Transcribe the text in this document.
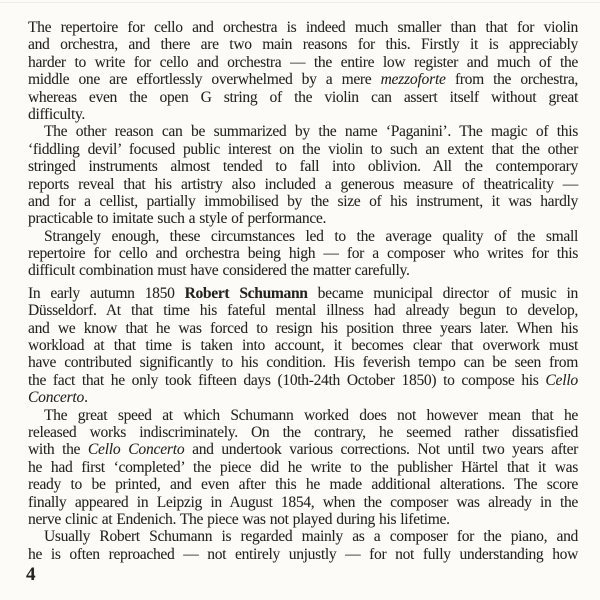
The repertoire for cello and orchestra is indeed much smaller than that for violin
and orchestra, and there are two main reasons for this. Firstly it is appreciably
harder to write for cello and orchestra — the entire low register and much of the
middle one are effortlessly overwhelmed by a mere mezzoforte from the orchestra,
whereas even the open G string of the violin can assert itself without great
difficulty.
The other reason can be summarized by the name ‘Paganini’. The magic of this
‘fiddling devil’ focused public interest on the violin to such an extent that the other
stringed instruments almost tended to fall into oblivion. All the contemporary
reports reveal that his artistry also included a generous measure of theatricality —
and for a cellist, partially immobilised by the size of his instrument, it was hardly
practicable to imitate such a style of performance.
Strangely enough, these circumstances led to the average quality of the small
repertoire for cello and orchestra being high — for a composer who writes for this
difficult combination must have considered the matter carefully.
In early autumn 1850 Robert Schumann became municipal director of music in
Düsseldorf. At that time his fateful mental illness had already begun to develop,
and we know that he was forced to resign his position three years later. When his
workload at that time is taken into account, it becomes clear that overwork must
have contributed significantly to his condition. His feverish tempo can be seen from
the fact that he only took fifteen days (10th-24th October 1850) to compose his Cello
Concerto.
The great speed at which Schumann worked does not however mean that he
released works indiscriminately. On the contrary, he seemed rather dissatisfied
with the Cello Concerto and undertook various corrections. Not until two years after
he had first ‘completed’ the piece did he write to the publisher Härtel that it was
ready to be printed, and even after this he made additional alterations. The score
finally appeared in Leipzig in August 1854, when the composer was already in the
nerve clinic at Endenich. The piece was not played during his lifetime.
Usually Robert Schumann is regarded mainly as a composer for the piano, and
he is often reproached — not entirely unjustly — for not fully understanding how
4
